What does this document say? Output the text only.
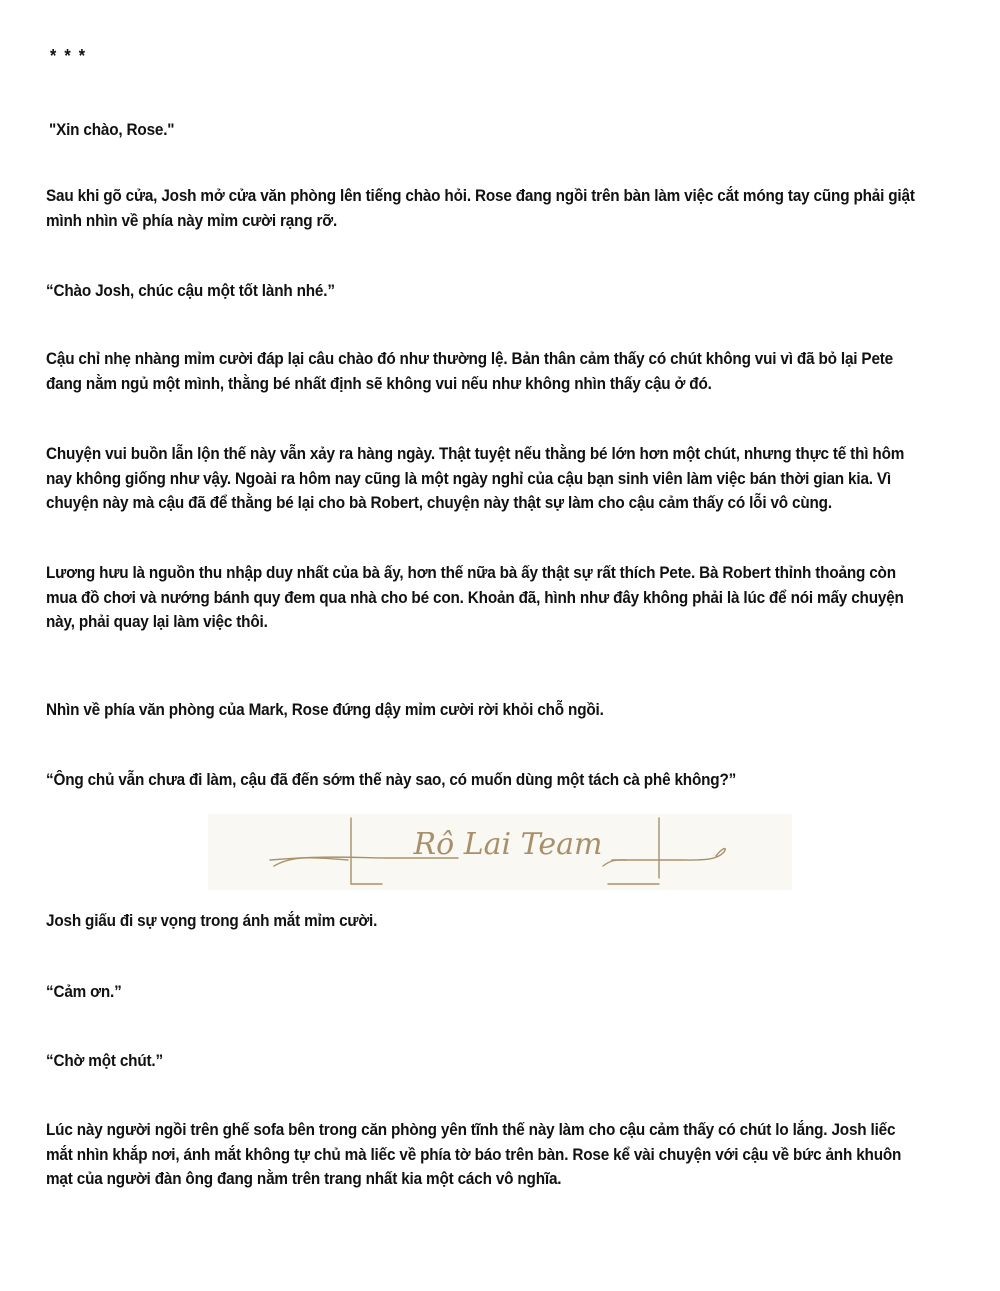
* * *

"Xin chào, Rose."

Sau khi gõ cửa, Josh mở cửa văn phòng lên tiếng chào hỏi. Rose đang ngồi trên bàn làm việc cắt móng tay cũng phải giật
mình nhìn về phía này mỉm cười rạng rỡ.

“Chào Josh, chúc cậu một tốt lành nhé.”

Cậu chỉ nhẹ nhàng mỉm cười đáp lại câu chào đó như thường lệ. Bản thân cảm thấy có chút không vui vì đã bỏ lại Pete
đang nằm ngủ một mình, thằng bé nhất định sẽ không vui nếu như không nhìn thấy cậu ở đó.

Chuyện vui buồn lẫn lộn thế này vẫn xảy ra hàng ngày. Thật tuyệt nếu thằng bé lớn hơn một chút, nhưng thực tế thì hôm
nay không giống như vậy. Ngoài ra hôm nay cũng là một ngày nghỉ của cậu bạn sinh viên làm việc bán thời gian kia. Vì
chuyện này mà cậu đã để thằng bé lại cho bà Robert, chuyện này thật sự làm cho cậu cảm thấy có lỗi vô cùng.

Lương hưu là nguồn thu nhập duy nhất của bà ấy, hơn thế nữa bà ấy thật sự rất thích Pete. Bà Robert thỉnh thoảng còn
mua đồ chơi và nướng bánh quy đem qua nhà cho bé con. Khoản đã, hình như đây không phải là lúc để nói mấy chuyện
này, phải quay lại làm việc thôi.

Nhìn về phía văn phòng của Mark, Rose đứng dậy mỉm cười rời khỏi chỗ ngồi.

“Ông chủ vẫn chưa đi làm, cậu đã đến sớm thế này sao, có muốn dùng một tách cà phê không?”

Rô Lai Team

Josh giấu đi sự vọng trong ánh mắt mỉm cười.

“Cảm ơn.”

“Chờ một chút.”

Lúc này người ngồi trên ghế sofa bên trong căn phòng yên tĩnh thế này làm cho cậu cảm thấy có chút lo lắng. Josh liếc
mắt nhìn khắp nơi, ánh mắt không tự chủ mà liếc về phía tờ báo trên bàn. Rose kể vài chuyện với cậu về bức ảnh khuôn
mạt của người đàn ông đang nằm trên trang nhất kia một cách vô nghĩa.
